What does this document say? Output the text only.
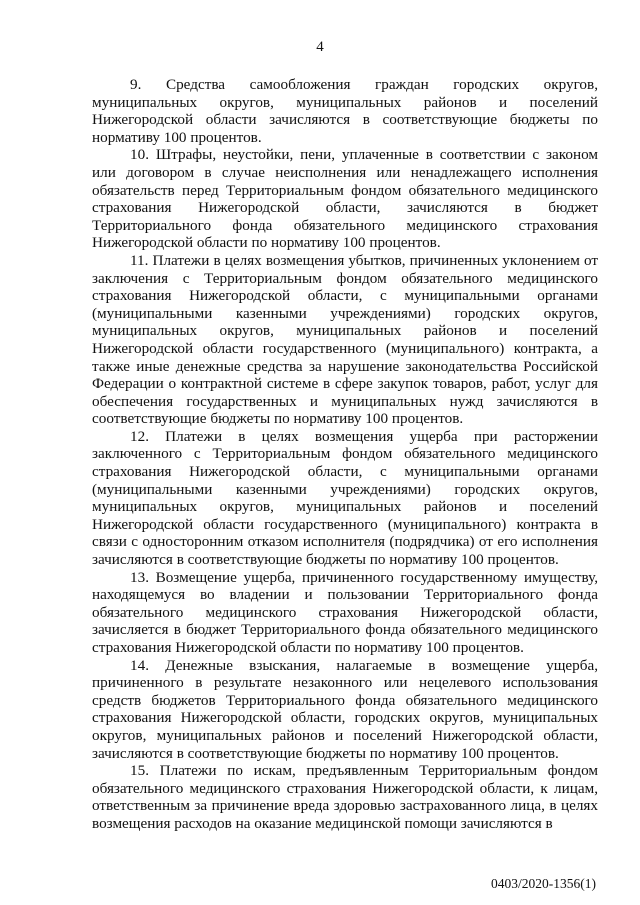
4

9. Средства самообложения граждан городских округов, муниципальных округов, муниципальных районов и поселений Нижегородской области зачисляются в соответствующие бюджеты по нормативу 100 процентов.

10. Штрафы, неустойки, пени, уплаченные в соответствии с законом или договором в случае неисполнения или ненадлежащего исполнения обязательств перед Территориальным фондом обязательного медицинского страхования Нижегородской области, зачисляются в бюджет Территориального фонда обязательного медицинского страхования Нижегородской области по нормативу 100 процентов.

11. Платежи в целях возмещения убытков, причиненных уклонением от заключения с Территориальным фондом обязательного медицинского страхования Нижегородской области, с муниципальными органами (муниципальными казенными учреждениями) городских округов, муниципальных округов, муниципальных районов и поселений Нижегородской области государственного (муниципального) контракта, а также иные денежные средства за нарушение законодательства Российской Федерации о контрактной системе в сфере закупок товаров, работ, услуг для обеспечения государственных и муниципальных нужд зачисляются в соответствующие бюджеты по нормативу 100 процентов.

12. Платежи в целях возмещения ущерба при расторжении заключенного с Территориальным фондом обязательного медицинского страхования Нижегородской области, с муниципальными органами (муниципальными казенными учреждениями) городских округов, муниципальных округов, муниципальных районов и поселений Нижегородской области государственного (муниципального) контракта в связи с односторонним отказом исполнителя (подрядчика) от его исполнения зачисляются в соответствующие бюджеты по нормативу 100 процентов.

13. Возмещение ущерба, причиненного государственному имуществу, находящемуся во владении и пользовании Территориального фонда обязательного медицинского страхования Нижегородской области, зачисляется в бюджет Территориального фонда обязательного медицинского страхования Нижегородской области по нормативу 100 процентов.

14. Денежные взыскания, налагаемые в возмещение ущерба, причиненного в результате незаконного или нецелевого использования средств бюджетов Территориального фонда обязательного медицинского страхования Нижегородской области, городских округов, муниципальных округов, муниципальных районов и поселений Нижегородской области, зачисляются в соответствующие бюджеты по нормативу 100 процентов.

15. Платежи по искам, предъявленным Территориальным фондом обязательного медицинского страхования Нижегородской области, к лицам, ответственным за причинение вреда здоровью застрахованного лица, в целях возмещения расходов на оказание медицинской помощи зачисляются в

0403/2020-1356(1)
